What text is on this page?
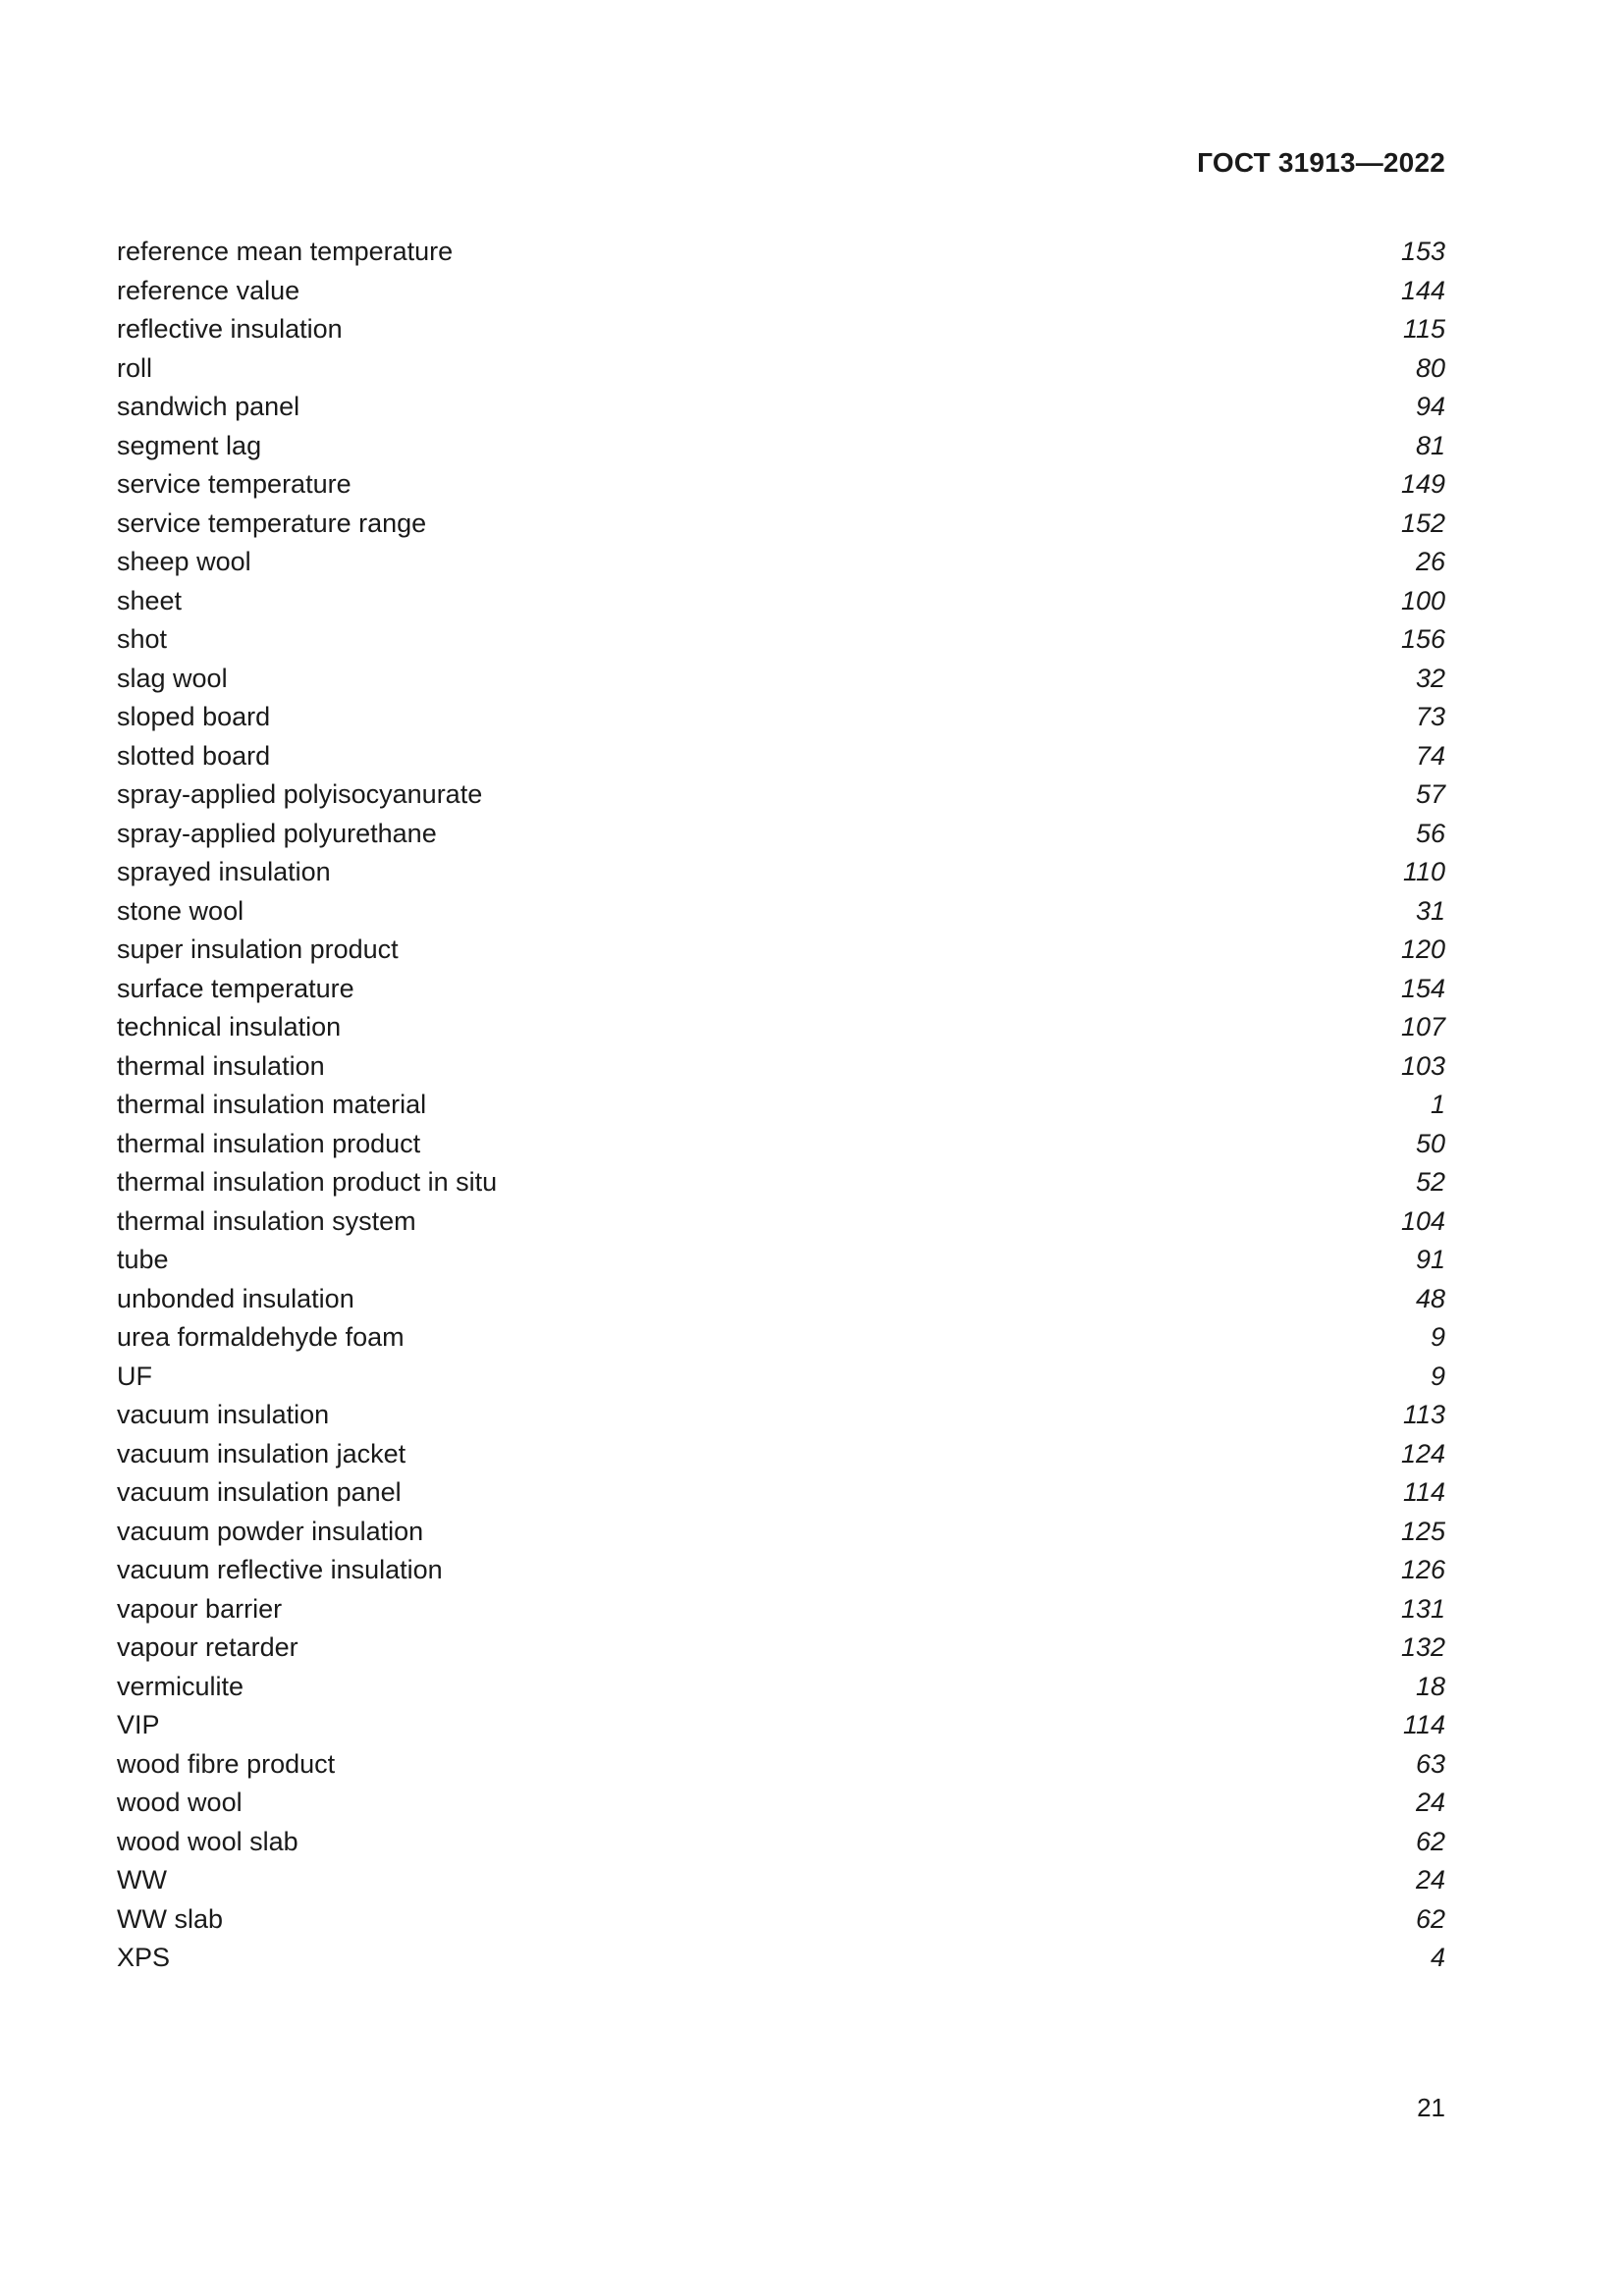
ГОСТ 31913—2022
reference mean temperature	153
reference value	144
reflective insulation	115
roll	80
sandwich panel	94
segment lag	81
service temperature	149
service temperature range	152
sheep wool	26
sheet	100
shot	156
slag wool	32
sloped board	73
slotted board	74
spray-applied polyisocyanurate	57
spray-applied polyurethane	56
sprayed insulation	110
stone wool	31
super insulation product	120
surface temperature	154
technical insulation	107
thermal insulation	103
thermal insulation material	1
thermal insulation product	50
thermal insulation product in situ	52
thermal insulation system	104
tube	91
unbonded insulation	48
urea formaldehyde foam	9
UF	9
vacuum insulation	113
vacuum insulation jacket	124
vacuum insulation panel	114
vacuum powder insulation	125
vacuum reflective insulation	126
vapour barrier	131
vapour retarder	132
vermiculite	18
VIP	114
wood fibre product	63
wood wool	24
wood wool slab	62
WW	24
WW slab	62
XPS	4
21
